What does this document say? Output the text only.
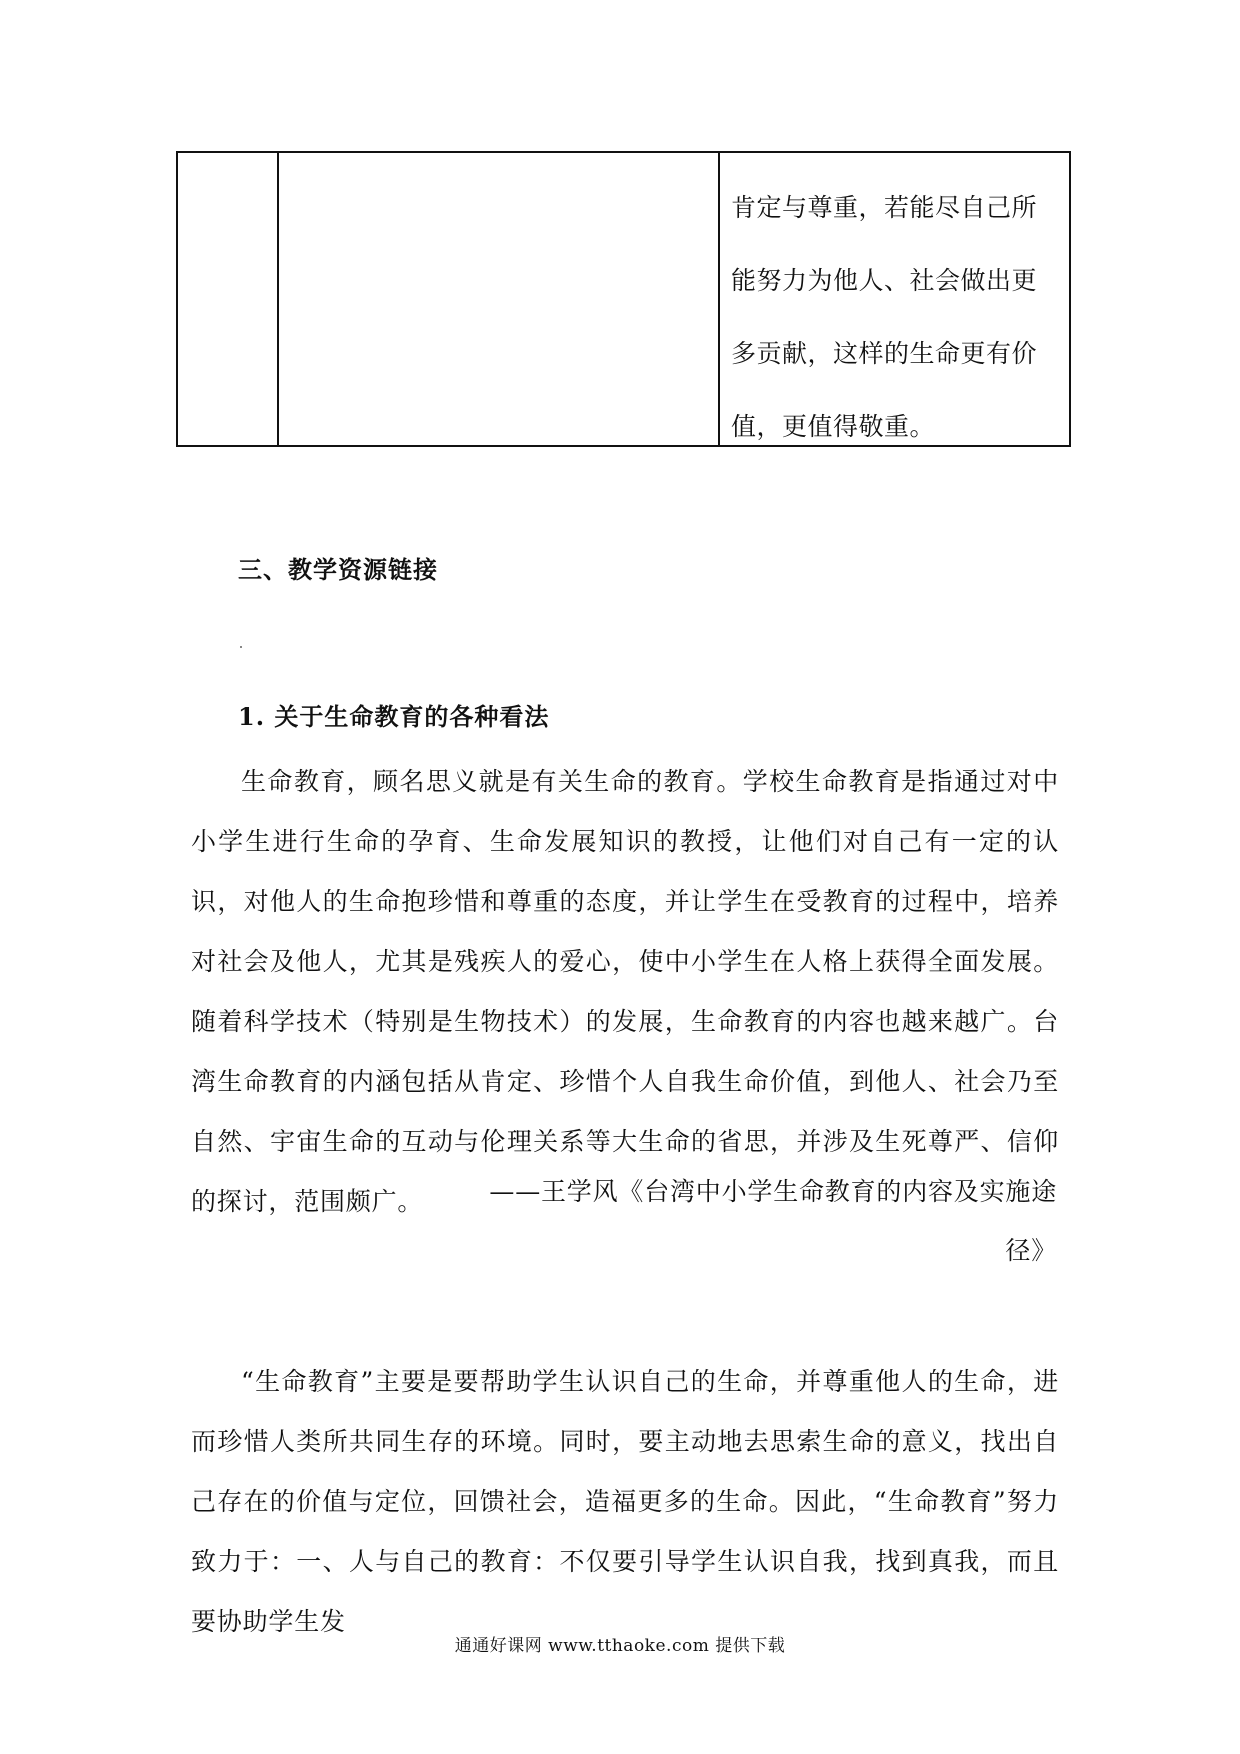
肯定与尊重，若能尽自己所能努力为他人、社会做出更多贡献，这样的生命更有价值，更值得敬重。
三、教学资源链接
1. 关于生命教育的各种看法
生命教育，顾名思义就是有关生命的教育。学校生命教育是指通过对中小学生进行生命的孕育、生命发展知识的教授，让他们对自己有一定的认识，对他人的生命抱珍惜和尊重的态度，并让学生在受教育的过程中，培养对社会及他人，尤其是残疾人的爱心，使中小学生在人格上获得全面发展。随着科学技术（特别是生物技术）的发展，生命教育的内容也越来越广。台湾生命教育的内涵包括从肯定、珍惜个人自我生命价值，到他人、社会乃至自然、宇宙生命的互动与伦理关系等大生命的省思，并涉及生死尊严、信仰的探讨，范围颇广。	——王学风《台湾中小学生命教育的内容及实施途
径》
“生命教育”主要是要帮助学生认识自己的生命，并尊重他人的生命，进而珍惜人类所共同生存的环境。同时，要主动地去思索生命的意义，找出自己存在的价值与定位，回馈社会，造福更多的生命。因此，“生命教育”努力致力于：一、人与自己的教育：不仅要引导学生认识自我，找到真我，而且要协助学生发
通通好课网 www.tthaoke.com 提供下载
